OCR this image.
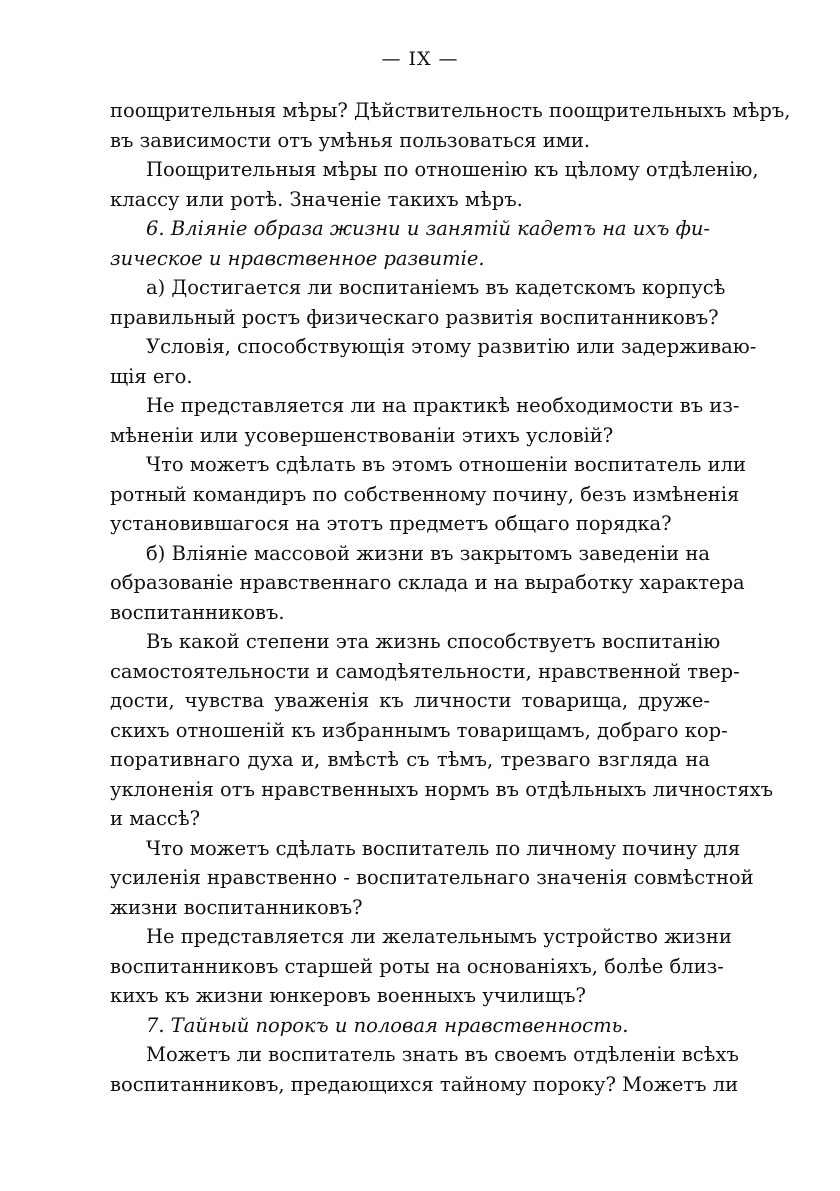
— IX —
поощрительныя мѣры? Дѣйствительность поощрительныхъ мѣръ,
въ зависимости отъ умѣнья пользоваться ими.
Поощрительныя мѣры по отношенію къ цѣлому отдѣленію,
классу или ротѣ. Значеніе такихъ мѣръ.
6. Вліяніе образа жизни и занятій кадетъ на ихъ фи-
зическое и нравственное развитіе.
а) Достигается ли воспитаніемъ въ кадетскомъ корпусѣ
правильный ростъ физическаго развитія воспитанниковъ?
Условія, способствующія этому развитію или задерживаю-
щія его.
Не представляется ли на практикѣ необходимости въ из-
мѣненіи или усовершенствованіи этихъ условій?
Что можетъ сдѣлать въ этомъ отношеніи воспитатель или
ротный командиръ по собственному почину, безъ измѣненія
установившагося на этотъ предметъ общаго порядка?
б) Вліяніе массовой жизни въ закрытомъ заведеніи на
образованіе нравственнаго склада и на выработку характера
воспитанниковъ.
Въ какой степени эта жизнь способствуетъ воспитанію
самостоятельности и самодѣятельности, нравственной твер-
дости, чувства уваженія къ личности товарища, друже-
скихъ отношеній къ избраннымъ товарищамъ, добраго кор-
поративнаго духа и, вмѣстѣ съ тѣмъ, трезваго взгляда на
уклоненія отъ нравственныхъ нормъ въ отдѣльныхъ личностяхъ
и массѣ?
Что можетъ сдѣлать воспитатель по личному почину для
усиленія нравственно - воспитательнаго значенія совмѣстной
жизни воспитанниковъ?
Не представляется ли желательнымъ устройство жизни
воспитанниковъ старшей роты на основаніяхъ, болѣе близ-
кихъ къ жизни юнкеровъ военныхъ училищъ?
7. Тайный порокъ и половая нравственность.
Можетъ ли воспитатель знать въ своемъ отдѣленіи всѣхъ
воспитанниковъ, предающихся тайному пороку? Можетъ ли
